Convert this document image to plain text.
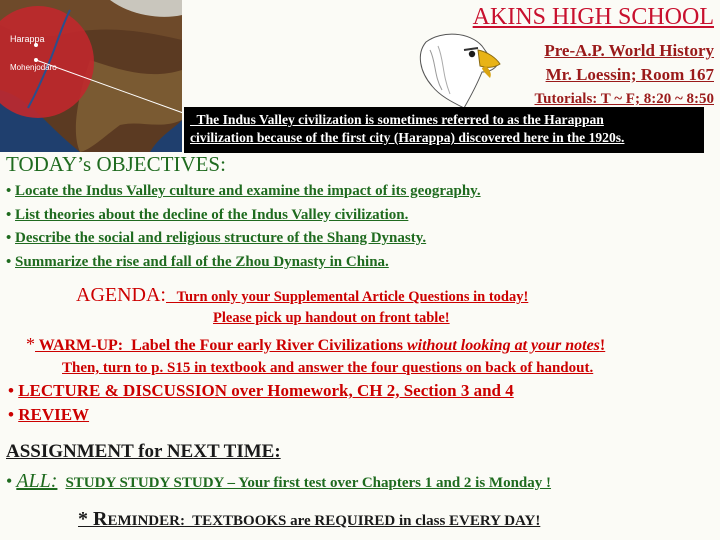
Harappa
Mohenjodaro
AKINS HIGH SCHOOL
Pre-A.P. World History
Mr. Loessin; Room 167
Tutorials: T ~ F; 8:20 ~ 8:50
The Indus Valley civilization is sometimes referred to as the Harappan
civilization because of the first city (Harappa) discovered here in the 1920s.
TODAY’s OBJECTIVES:
• Locate the Indus Valley culture and examine the impact of its geography.
• List theories about the decline of the Indus Valley civilization.
• Describe the social and religious structure of the Shang Dynasty.
• Summarize the rise and fall of the Zhou Dynasty in China.
AGENDA:   Turn only your Supplemental Article Questions in today!
Please pick up handout on front table!
* WARM-UP:  Label the Four early River Civilizations without looking at your notes!
Then, turn to p. S15 in textbook and answer the four questions on back of handout.
• LECTURE & DISCUSSION over Homework, CH 2, Section 3 and 4
• REVIEW
ASSIGNMENT for NEXT TIME:
• ALL: STUDY STUDY STUDY – Your first test over Chapters 1 and 2 is Monday !
* REMINDER:  TEXTBOOKS are REQUIRED in class EVERY DAY!
